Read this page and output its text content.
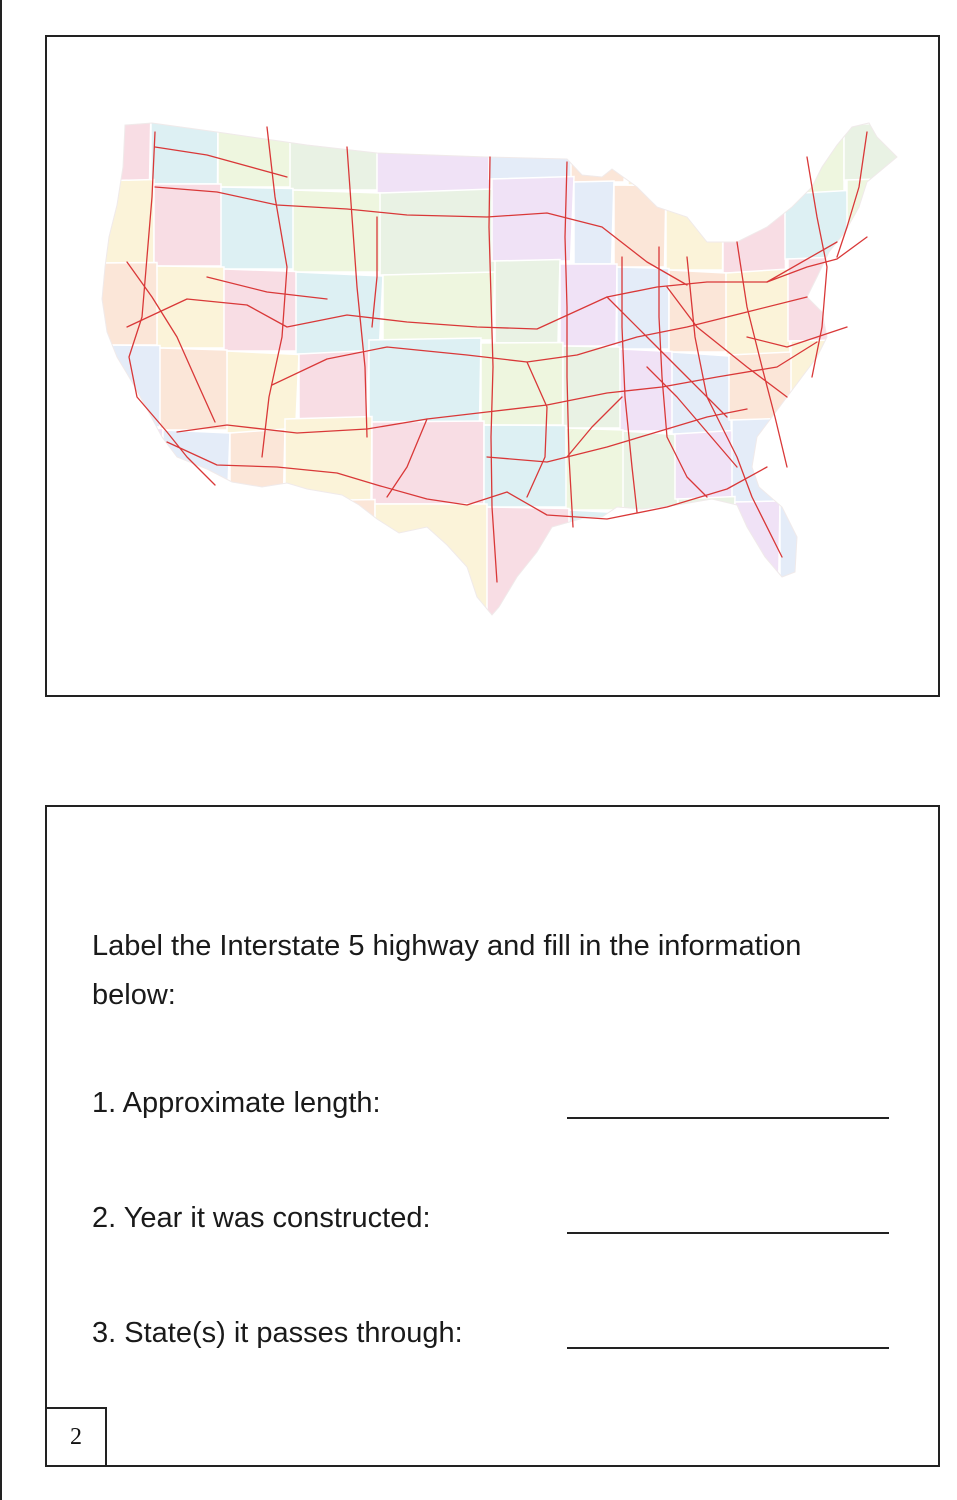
Label the Interstate 5 highway and fill in the information below:
1. Approximate length:
2. Year it was constructed:
3. State(s) it passes through:
2
